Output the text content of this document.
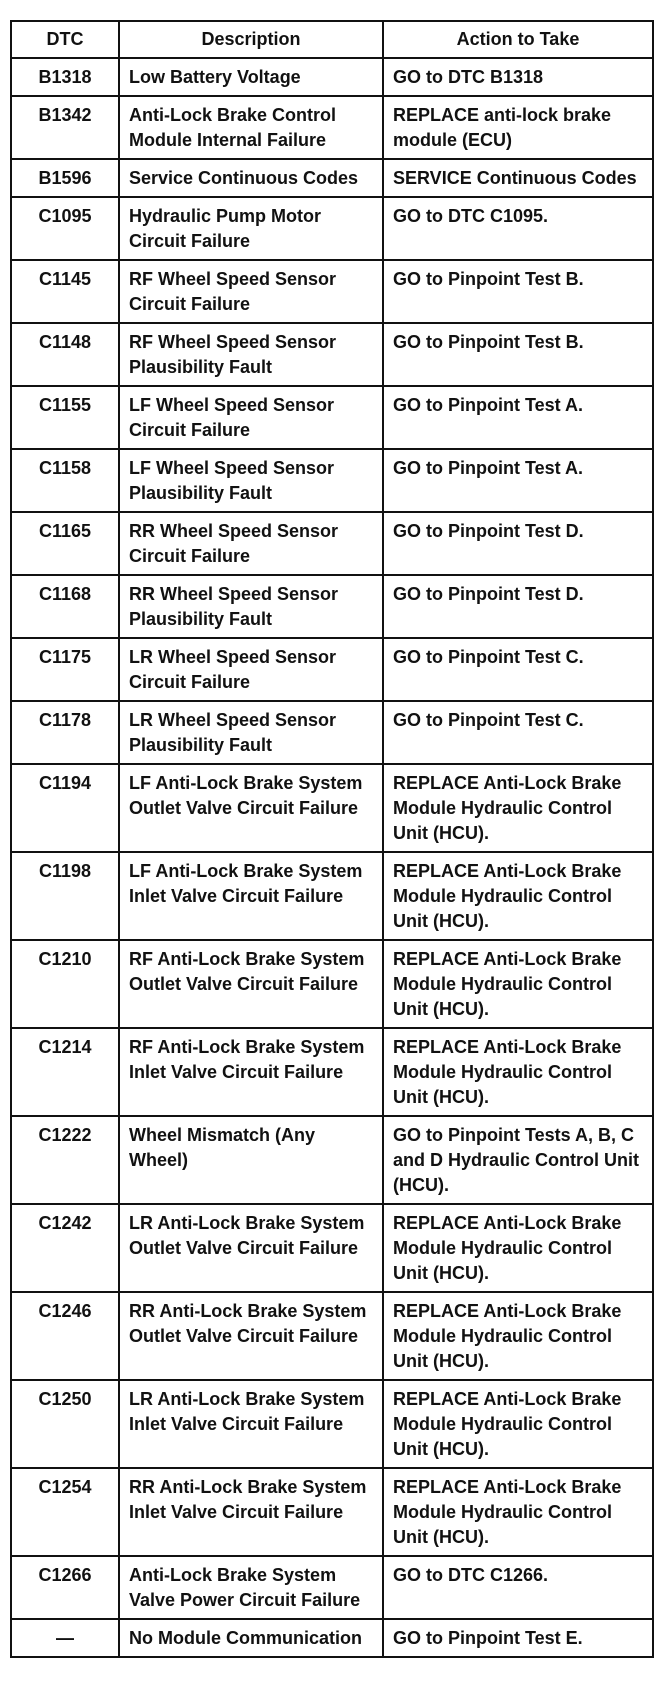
DTC	Description	Action to Take
B1318	Low Battery Voltage	GO to DTC B1318
B1342	Anti-Lock Brake Control Module Internal Failure	REPLACE anti-lock brake module (ECU)
B1596	Service Continuous Codes	SERVICE Continuous Codes
C1095	Hydraulic Pump Motor Circuit Failure	GO to DTC C1095.
C1145	RF Wheel Speed Sensor Circuit Failure	GO to Pinpoint Test B.
C1148	RF Wheel Speed Sensor Plausibility Fault	GO to Pinpoint Test B.
C1155	LF Wheel Speed Sensor Circuit Failure	GO to Pinpoint Test A.
C1158	LF Wheel Speed Sensor Plausibility Fault	GO to Pinpoint Test A.
C1165	RR Wheel Speed Sensor Circuit Failure	GO to Pinpoint Test D.
C1168	RR Wheel Speed Sensor Plausibility Fault	GO to Pinpoint Test D.
C1175	LR Wheel Speed Sensor Circuit Failure	GO to Pinpoint Test C.
C1178	LR Wheel Speed Sensor Plausibility Fault	GO to Pinpoint Test C.
C1194	LF Anti-Lock Brake System Outlet Valve Circuit Failure	REPLACE Anti-Lock Brake Module Hydraulic Control Unit (HCU).
C1198	LF Anti-Lock Brake System Inlet Valve Circuit Failure	REPLACE Anti-Lock Brake Module Hydraulic Control Unit (HCU).
C1210	RF Anti-Lock Brake System Outlet Valve Circuit Failure	REPLACE Anti-Lock Brake Module Hydraulic Control Unit (HCU).
C1214	RF Anti-Lock Brake System Inlet Valve Circuit Failure	REPLACE Anti-Lock Brake Module Hydraulic Control Unit (HCU).
C1222	Wheel Mismatch (Any Wheel)	GO to Pinpoint Tests A, B, C and D Hydraulic Control Unit (HCU).
C1242	LR Anti-Lock Brake System Outlet Valve Circuit Failure	REPLACE Anti-Lock Brake Module Hydraulic Control Unit (HCU).
C1246	RR Anti-Lock Brake System Outlet Valve Circuit Failure	REPLACE Anti-Lock Brake Module Hydraulic Control Unit (HCU).
C1250	LR Anti-Lock Brake System Inlet Valve Circuit Failure	REPLACE Anti-Lock Brake Module Hydraulic Control Unit (HCU).
C1254	RR Anti-Lock Brake System Inlet Valve Circuit Failure	REPLACE Anti-Lock Brake Module Hydraulic Control Unit (HCU).
C1266	Anti-Lock Brake System Valve Power Circuit Failure	GO to DTC C1266.
—	No Module Communication	GO to Pinpoint Test E.
